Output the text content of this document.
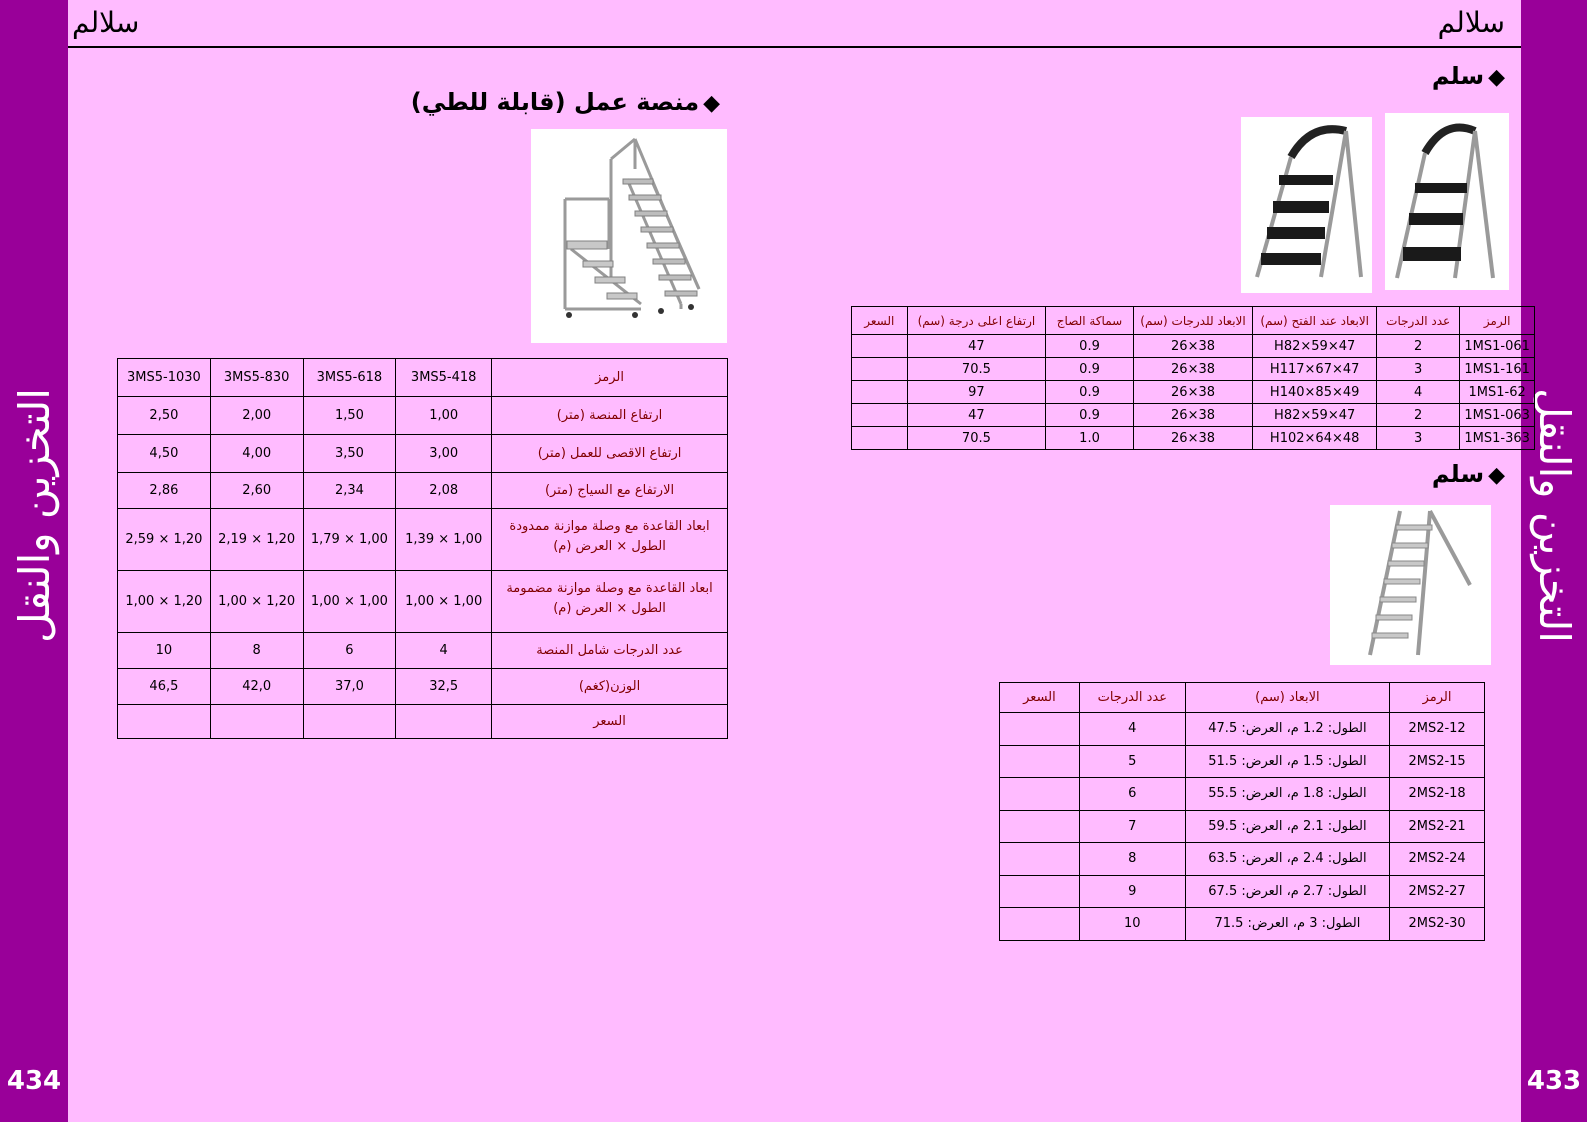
التخزين والنقل
434
التخزين والنقل
433
سلالم	سلالم
◆منصة عمل (قابلة للطي)
الرمز	3MS5-418	3MS5-618	3MS5-830	3MS5-1030
ارتفاع المنصة (متر)	1,00	1,50	2,00	2,50
ارتفاع الاقصى للعمل (متر)	3,00	3,50	4,00	4,50
الارتفاع مع السياج (متر)	2,08	2,34	2,60	2,86
ابعاد القاعدة مع وصلة موازنة ممدودة
الطول × العرض (م)	1,00 × 1,39	1,00 × 1,79	1,20 × 2,19	1,20 × 2,59
ابعاد القاعدة مع وصلة موازنة مضمومة
الطول × العرض (م)	1,00 × 1,00	1,00 × 1,00	1,20 × 1,00	1,20 × 1,00
عدد الدرجات شامل المنصة	4	6	8	10
الوزن(كغم)	32,5	37,0	42,0	46,5
السعر				
◆سلم
الرمز	عدد الدرجات	الابعاد عند الفتح (سم)	الابعاد للدرجات (سم)	سماكة الصاج	ارتفاع اعلى درجة (سم)	السعر
1MS1-061	2	47×59×H82	38×26	0.9	47	
1MS1-161	3	47×67×H117	38×26	0.9	70.5	
1MS1-62	4	49×85×H140	38×26	0.9	97	
1MS1-063	2	47×59×H82	38×26	0.9	47	
1MS1-363	3	48×64×H102	38×26	1.0	70.5	
◆سلم
الرمز	الابعاد (سم)	عدد الدرجات	السعر
2MS2-12	الطول: 1.2 م، العرض: 47.5	4	
2MS2-15	الطول: 1.5 م، العرض: 51.5	5	
2MS2-18	الطول: 1.8 م، العرض: 55.5	6	
2MS2-21	الطول: 2.1 م، العرض: 59.5	7	
2MS2-24	الطول: 2.4 م، العرض: 63.5	8	
2MS2-27	الطول: 2.7 م، العرض: 67.5	9	
2MS2-30	الطول: 3 م، العرض: 71.5	10	
